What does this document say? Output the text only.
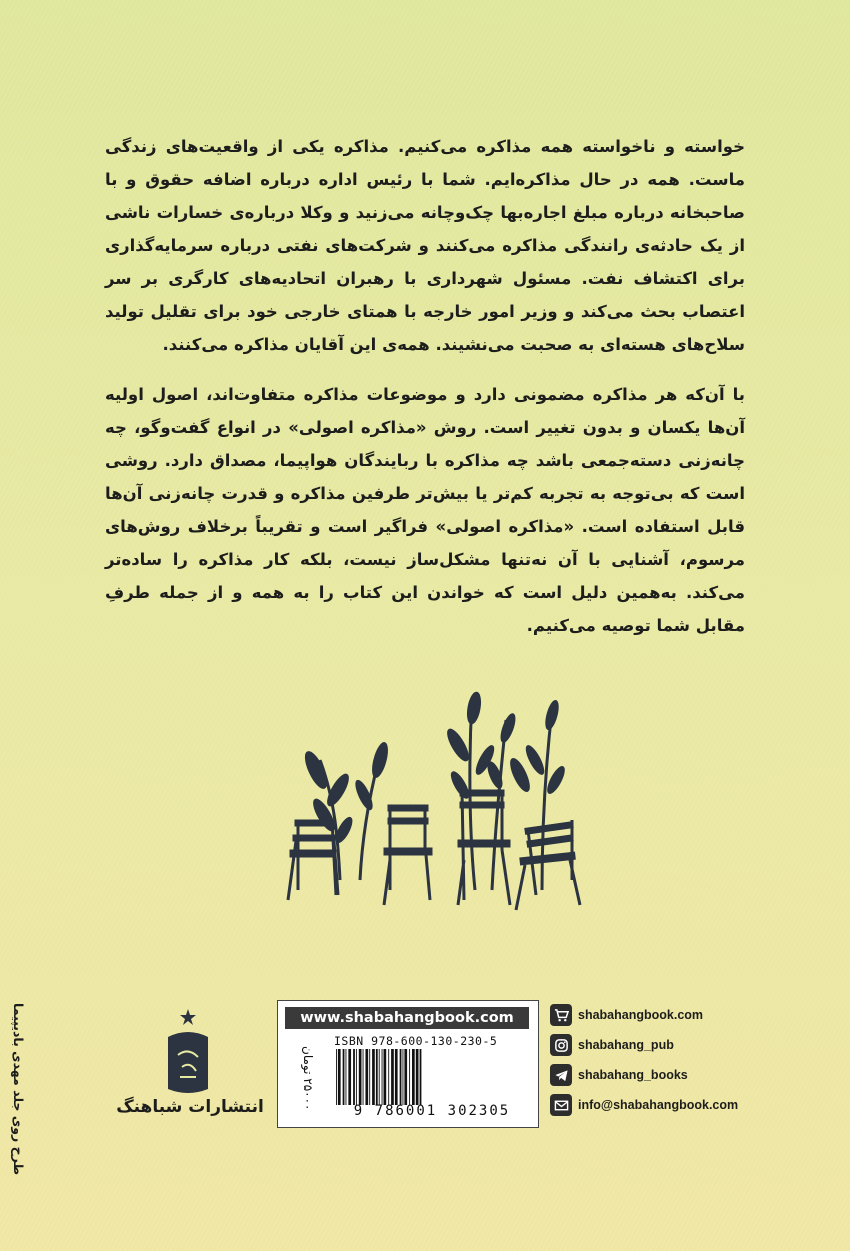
خواسته و ناخواسته همه مذاکره می‌کنیم. مذاکره یکی از واقعیت‌های زندگی ماست. همه در حال مذاکره‌ایم. شما با رئیس اداره درباره اضافه حقوق و با صاحبخانه درباره مبلغ اجاره‌بها چک‌وچانه می‌زنید و وکلا درباره‌ی خسارات ناشی از یک حادثه‌ی رانندگی مذاکره می‌کنند و شرکت‌های نفتی درباره سرمایه‌گذاری برای اکتشاف نفت. مسئول شهرداری با رهبران اتحادیه‌های کارگری بر سر اعتصاب بحث می‌کند و وزیر امور خارجه با همتای خارجی خود برای تقلیل تولید سلاح‌های هسته‌ای به صحبت می‌نشیند. همه‌ی این آقایان مذاکره می‌کنند.
با آن‌که هر مذاکره مضمونی دارد و موضوعات مذاکره متفاوت‌اند، اصول اولیه آن‌ها یکسان و بدون تغییر است. روش «مذاکره اصولی» در انواع گفت‌وگو، چه چانه‌زنی دسته‌جمعی باشد چه مذاکره با ربایندگان هواپیما، مصداق دارد. روشی است که بی‌توجه به تجربه کم‌تر یا بیش‌تر طرفین مذاکره و قدرت چانه‌زنی آن‌ها قابل استفاده است. «مذاکره اصولی» فراگیر است و تقریباً برخلاف روش‌های مرسوم، آشنایی با آن نه‌تنها مشکل‌ساز نیست، بلکه کار مذاکره را ساده‌تر می‌کند. به‌همین دلیل است که خواندن این کتاب را به همه و از جمله طرفِ مقابل شما توصیه می‌کنیم.
طرح روی جلد مهدی بادیپیما	انتشارات شباهنگ
www.shabahangbook.com
ISBN 978-600-130-230-5
9 786001 302305
۲۵۰۰۰ تومان
shabahangbook.com
shabahang_pub
shabahang_books
info@shabahangbook.com
